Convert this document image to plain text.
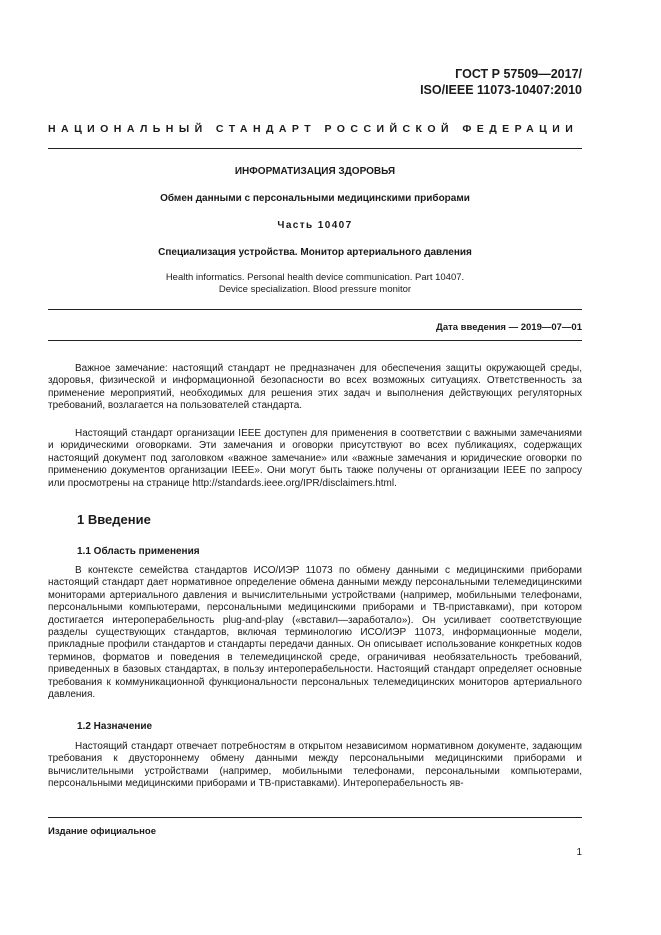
ГОСТ Р 57509—2017/
ISO/IEEE 11073-10407:2010
НАЦИОНАЛЬНЫЙ СТАНДАРТ РОССИЙСКОЙ ФЕДЕРАЦИИ
ИНФОРМАТИЗАЦИЯ ЗДОРОВЬЯ
Обмен данными с персональными медицинскими приборами
Часть 10407
Специализация устройства. Монитор артериального давления
Health informatics. Personal health device communication. Part 10407.
Device specialization. Blood pressure monitor
Дата введения — 2019—07—01

Важное замечание: настоящий стандарт не предназначен для обеспечения защиты окружающей среды, здоровья, физической и информационной безопасности во всех возможных ситуациях. Ответственность за применение мероприятий, необходимых для решения этих задач и выполнения действующих регуляторных требований, возлагается на пользователей стандарта.

Настоящий стандарт организации IEEE доступен для применения в соответствии с важными замечаниями и юридическими оговорками. Эти замечания и оговорки присутствуют во всех публикациях, содержащих настоящий документ под заголовком «важное замечание» или «важные замечания и юридические оговорки по применению документов организации IEEE». Они могут быть также получены от организации IEEE по запросу или просмотрены на странице http://standards.ieee.org/IPR/disclaimers.html.

1 Введение
1.1 Область применения

В контексте семейства стандартов ИСО/ИЭР 11073 по обмену данными с медицинскими приборами настоящий стандарт дает нормативное определение обмена данными между персональными телемедицинскими мониторами артериального давления и вычислительными устройствами (например, мобильными телефонами, персональными компьютерами, персональными медицинскими приборами и ТВ-приставками), при котором достигается интероперабельность plug-and-play («вставил—заработало»). Он усиливает соответствующие разделы существующих стандартов, включая терминологию ИСО/ИЭР 11073, информационные модели, прикладные профили стандартов и стандарты передачи данных. Он описывает использование конкретных кодов терминов, форматов и поведения в телемедицинской среде, ограничивая необязательность требований, приведенных в базовых стандартах, в пользу интероперабельности. Настоящий стандарт определяет основные требования к коммуникационной функциональности персональных телемедицинских мониторов артериального давления.

1.2 Назначение

Настоящий стандарт отвечает потребностям в открытом независимом нормативном документе, задающим требования к двустороннему обмену данными между персональными медицинскими приборами и вычислительными устройствами (например, мобильными телефонами, персональными компьютерами, персональными медицинскими приборами и ТВ-приставками). Интероперабельность яв-

Издание официальное
1
